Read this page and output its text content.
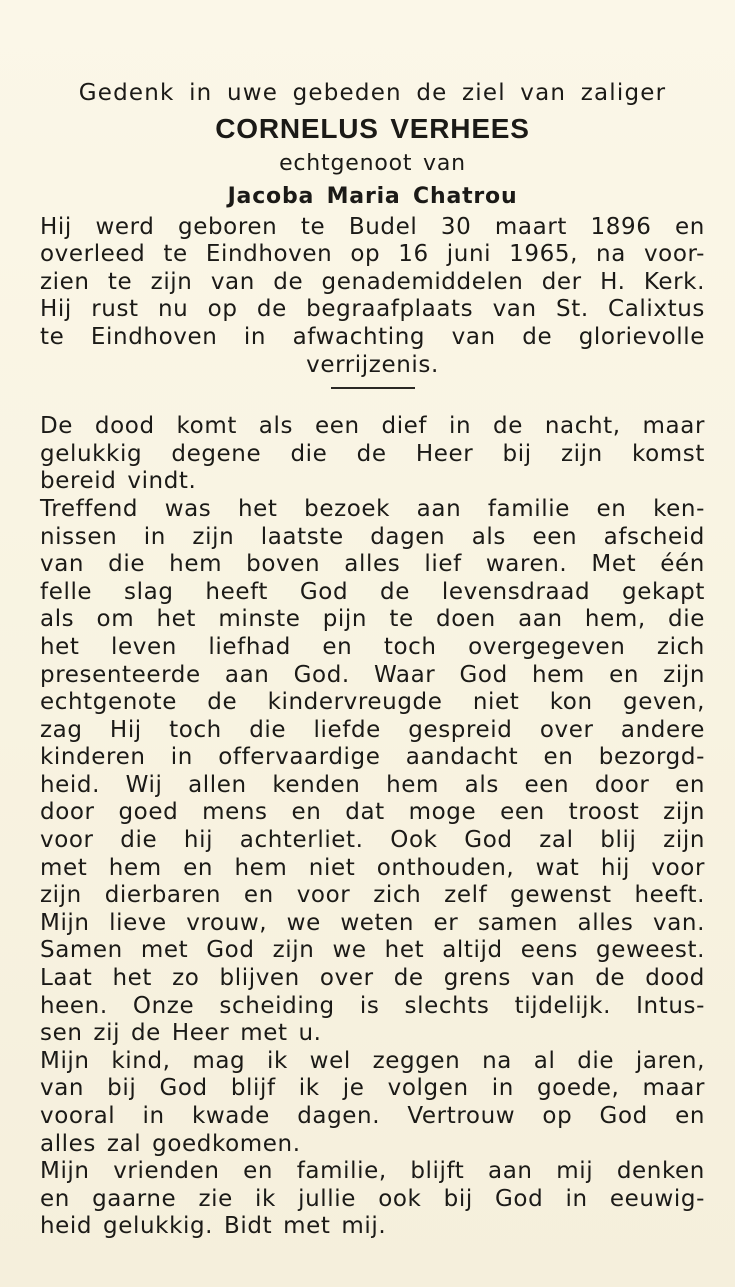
Gedenk in uwe gebeden de ziel van zaliger
CORNELUS VERHEES
echtgenoot van
Jacoba Maria Chatrou
Hij werd geboren te Budel 30 maart 1896 en
overleed te Eindhoven op 16 juni 1965, na voor-
zien te zijn van de genademiddelen der H. Kerk.
Hij rust nu op de begraafplaats van St. Calixtus
te Eindhoven in afwachting van de glorievolle
verrijzenis.
De dood komt als een dief in de nacht, maar
gelukkig degene die de Heer bij zijn komst
bereid vindt.
Treffend was het bezoek aan familie en ken-
nissen in zijn laatste dagen als een afscheid
van die hem boven alles lief waren. Met één
felle slag heeft God de levensdraad gekapt
als om het minste pijn te doen aan hem, die
het leven liefhad en toch overgegeven zich
presenteerde aan God. Waar God hem en zijn
echtgenote de kindervreugde niet kon geven,
zag Hij toch die liefde gespreid over andere
kinderen in offervaardige aandacht en bezorgd-
heid. Wij allen kenden hem als een door en
door goed mens en dat moge een troost zijn
voor die hij achterliet. Ook God zal blij zijn
met hem en hem niet onthouden, wat hij voor
zijn dierbaren en voor zich zelf gewenst heeft.
Mijn lieve vrouw, we weten er samen alles van.
Samen met God zijn we het altijd eens geweest.
Laat het zo blijven over de grens van de dood
heen. Onze scheiding is slechts tijdelijk. Intus-
sen zij de Heer met u.
Mijn kind, mag ik wel zeggen na al die jaren,
van bij God blijf ik je volgen in goede, maar
vooral in kwade dagen. Vertrouw op God en
alles zal goedkomen.
Mijn vrienden en familie, blijft aan mij denken
en gaarne zie ik jullie ook bij God in eeuwig-
heid gelukkig. Bidt met mij.
